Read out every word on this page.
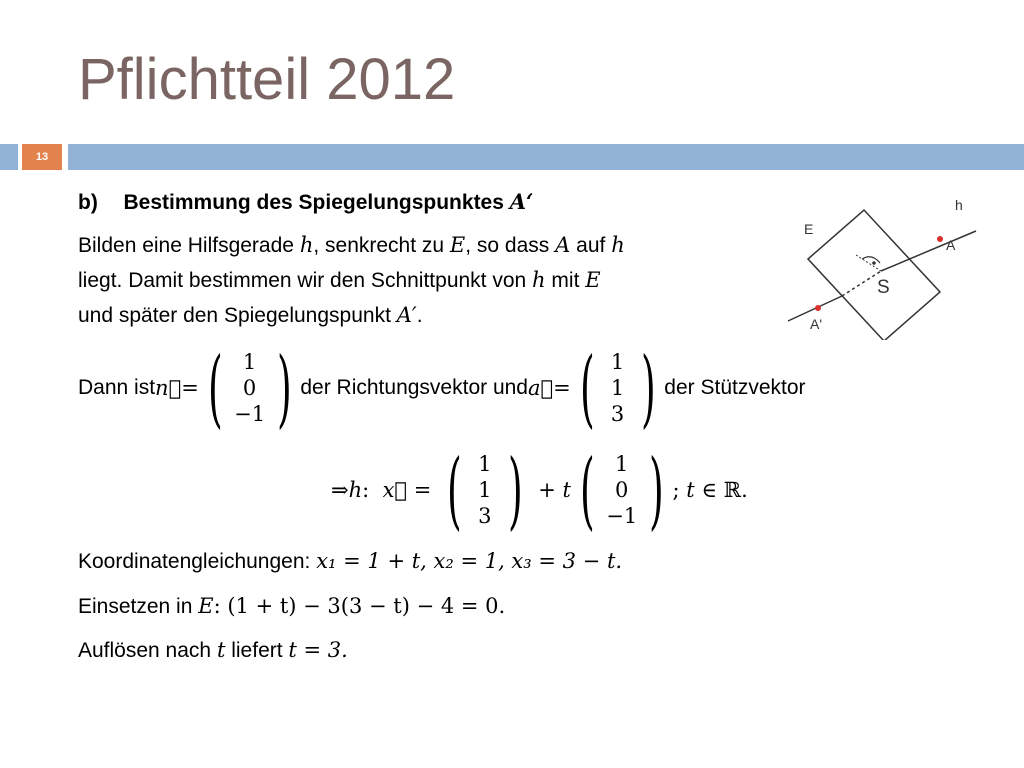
Pflichtteil 2012
13
b) Bestimmung des Spiegelungspunktes A‘
Bilden eine Hilfsgerade h, senkrecht zu E, so dass A auf h
liegt. Damit bestimmen wir den Schnittpunkt von h mit E
und später den Spiegelungspunkt A′.
Dann ist n⃗ = ( 1
0
−1 ) der Richtungsvektor und a⃗ = ( 1
1
3 ) der Stützvektor
⇒ h : x⃗ = ( 1
1
3 ) + t ( 1
0
−1 ) ; t ∈ ℝ.
Koordinatengleichungen: x₁ = 1 + t, x₂ = 1, x₃ = 3 − t.
Einsetzen in E: (1 + t) − 3(3 − t) − 4 = 0.
Auflösen nach t liefert t = 3.
h
E
A
S
A'
